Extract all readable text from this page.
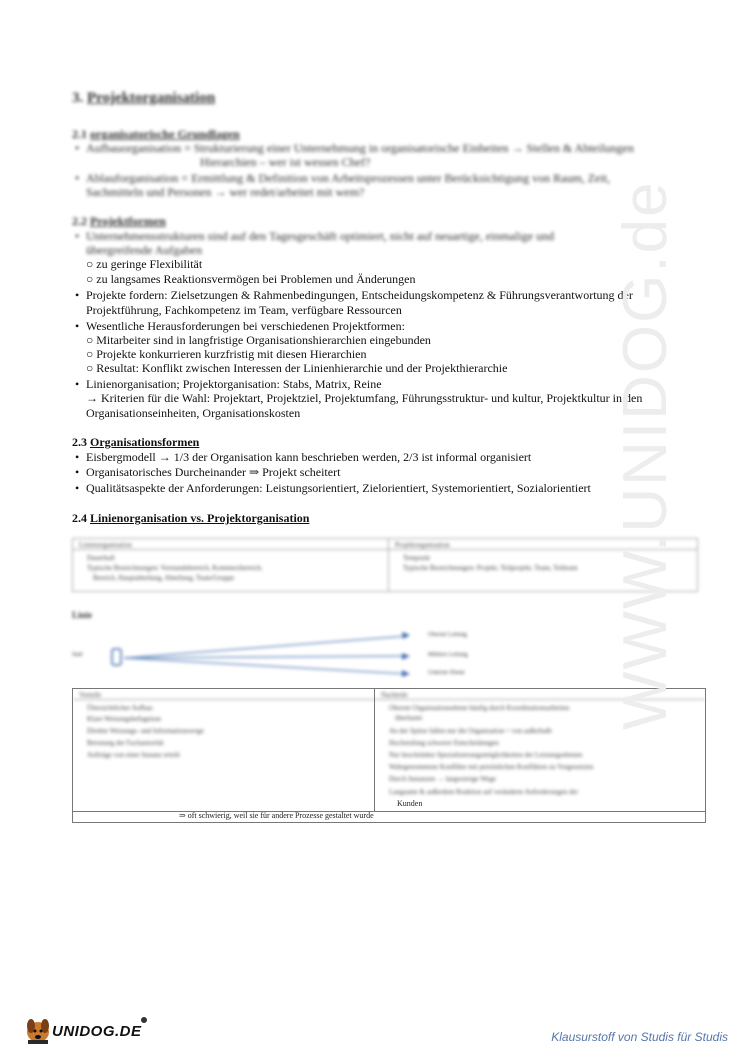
3. Projektorganisation
2.1 organisatorische Grundlagen
• Aufbauorganisation = Strukturierung einer Unternehmung in organisatorische Einheiten → Stellen & Abteilungen
Hierarchien – wer ist wessen Chef?
• Ablauforganisation = Ermittlung & Definition von Arbeitsprozessen unter Berücksichtigung von Raum, Zeit,
Sachmitteln und Personen → wer redet/arbeitet mit wem?
2.2 Projektformen
• Unternehmensstrukturen sind auf den Tagesgeschäft optimiert, nicht auf neuartige, einmalige und
übergreifende Aufgaben
○ zu geringe Flexibilität
○ zu langsames Reaktionsvermögen bei Problemen und Änderungen
• Projekte fordern: Zielsetzungen & Rahmenbedingungen, Entscheidungskompetenz & Führungsverantwortung der
Projektführung, Fachkompetenz im Team, verfügbare Ressourcen
• Wesentliche Herausforderungen bei verschiedenen Projektformen:
○ Mitarbeiter sind in langfristige Organisationshierarchien eingebunden
○ Projekte konkurrieren kurzfristig mit diesen Hierarchien
○ Resultat: Konflikt zwischen Interessen der Linienhierarchie und der Projekthierarchie
• Linienorganisation; Projektorganisation: Stabs, Matrix, Reine
→ Kriterien für die Wahl: Projektart, Projektziel, Projektumfang, Führungsstruktur- und kultur, Projektkultur in den
Organisationseinheiten, Organisationskosten
2.3 Organisationsformen
• Eisbergmodell → 1/3 der Organisation kann beschrieben werden, 2/3 ist informal organisiert
• Organisatorisches Durcheinander ⇒ Projekt scheitert
• Qualitätsaspekte der Anforderungen: Leistungsorientiert, Zielorientiert, Systemorientiert, Sozialorientiert
2.4 Linienorganisation vs. Projektorganisation
Linienorganisation
Dauerhaft
Typische Bezeichnungen: Vorstandsbereich, Kommerzbereich,
Bereich, Hauptabteilung, Abteilung, Team/Gruppe
Projektorganisation
Temporär
Typische Bezeichnungen: Projekt, Teilprojekt, Team, Teilteam
Linie
Stab
Oberste Leitung
Mittlere Leitung
Unterste Ebene
Vorteile
Übersichtlicher Aufbau
Klare Weisungsbefugnisse
Direkte Weisungs- und Informationswege
Betonung der Fachautorität
Aufträge von einer Instanz erteilt
Nachteile
Oberste Organisationsebene häufig durch Koordinationsarbeiten
überlastet
An der Spitze fallen nur die Organisation = von außerhalb
Hochstufung schwerer Entscheidungen
Nur beschränkte Spezialisierungsmöglichkeiten der Leistungsebenen
Wahrgenommene Konflikte mit persönlichen Konflikten zu Vorgesetzten
Durch Instanzen → langwierige Wege
Langsame & außerdem Reaktion auf veränderte Anforderungen der
Kunden
⇒ oft schwierig, weil sie für andere Prozesse gestaltet wurde
WWW.UNIDOG.de
UNIDOG.DE	Klausurstoff von Studis für Studis
